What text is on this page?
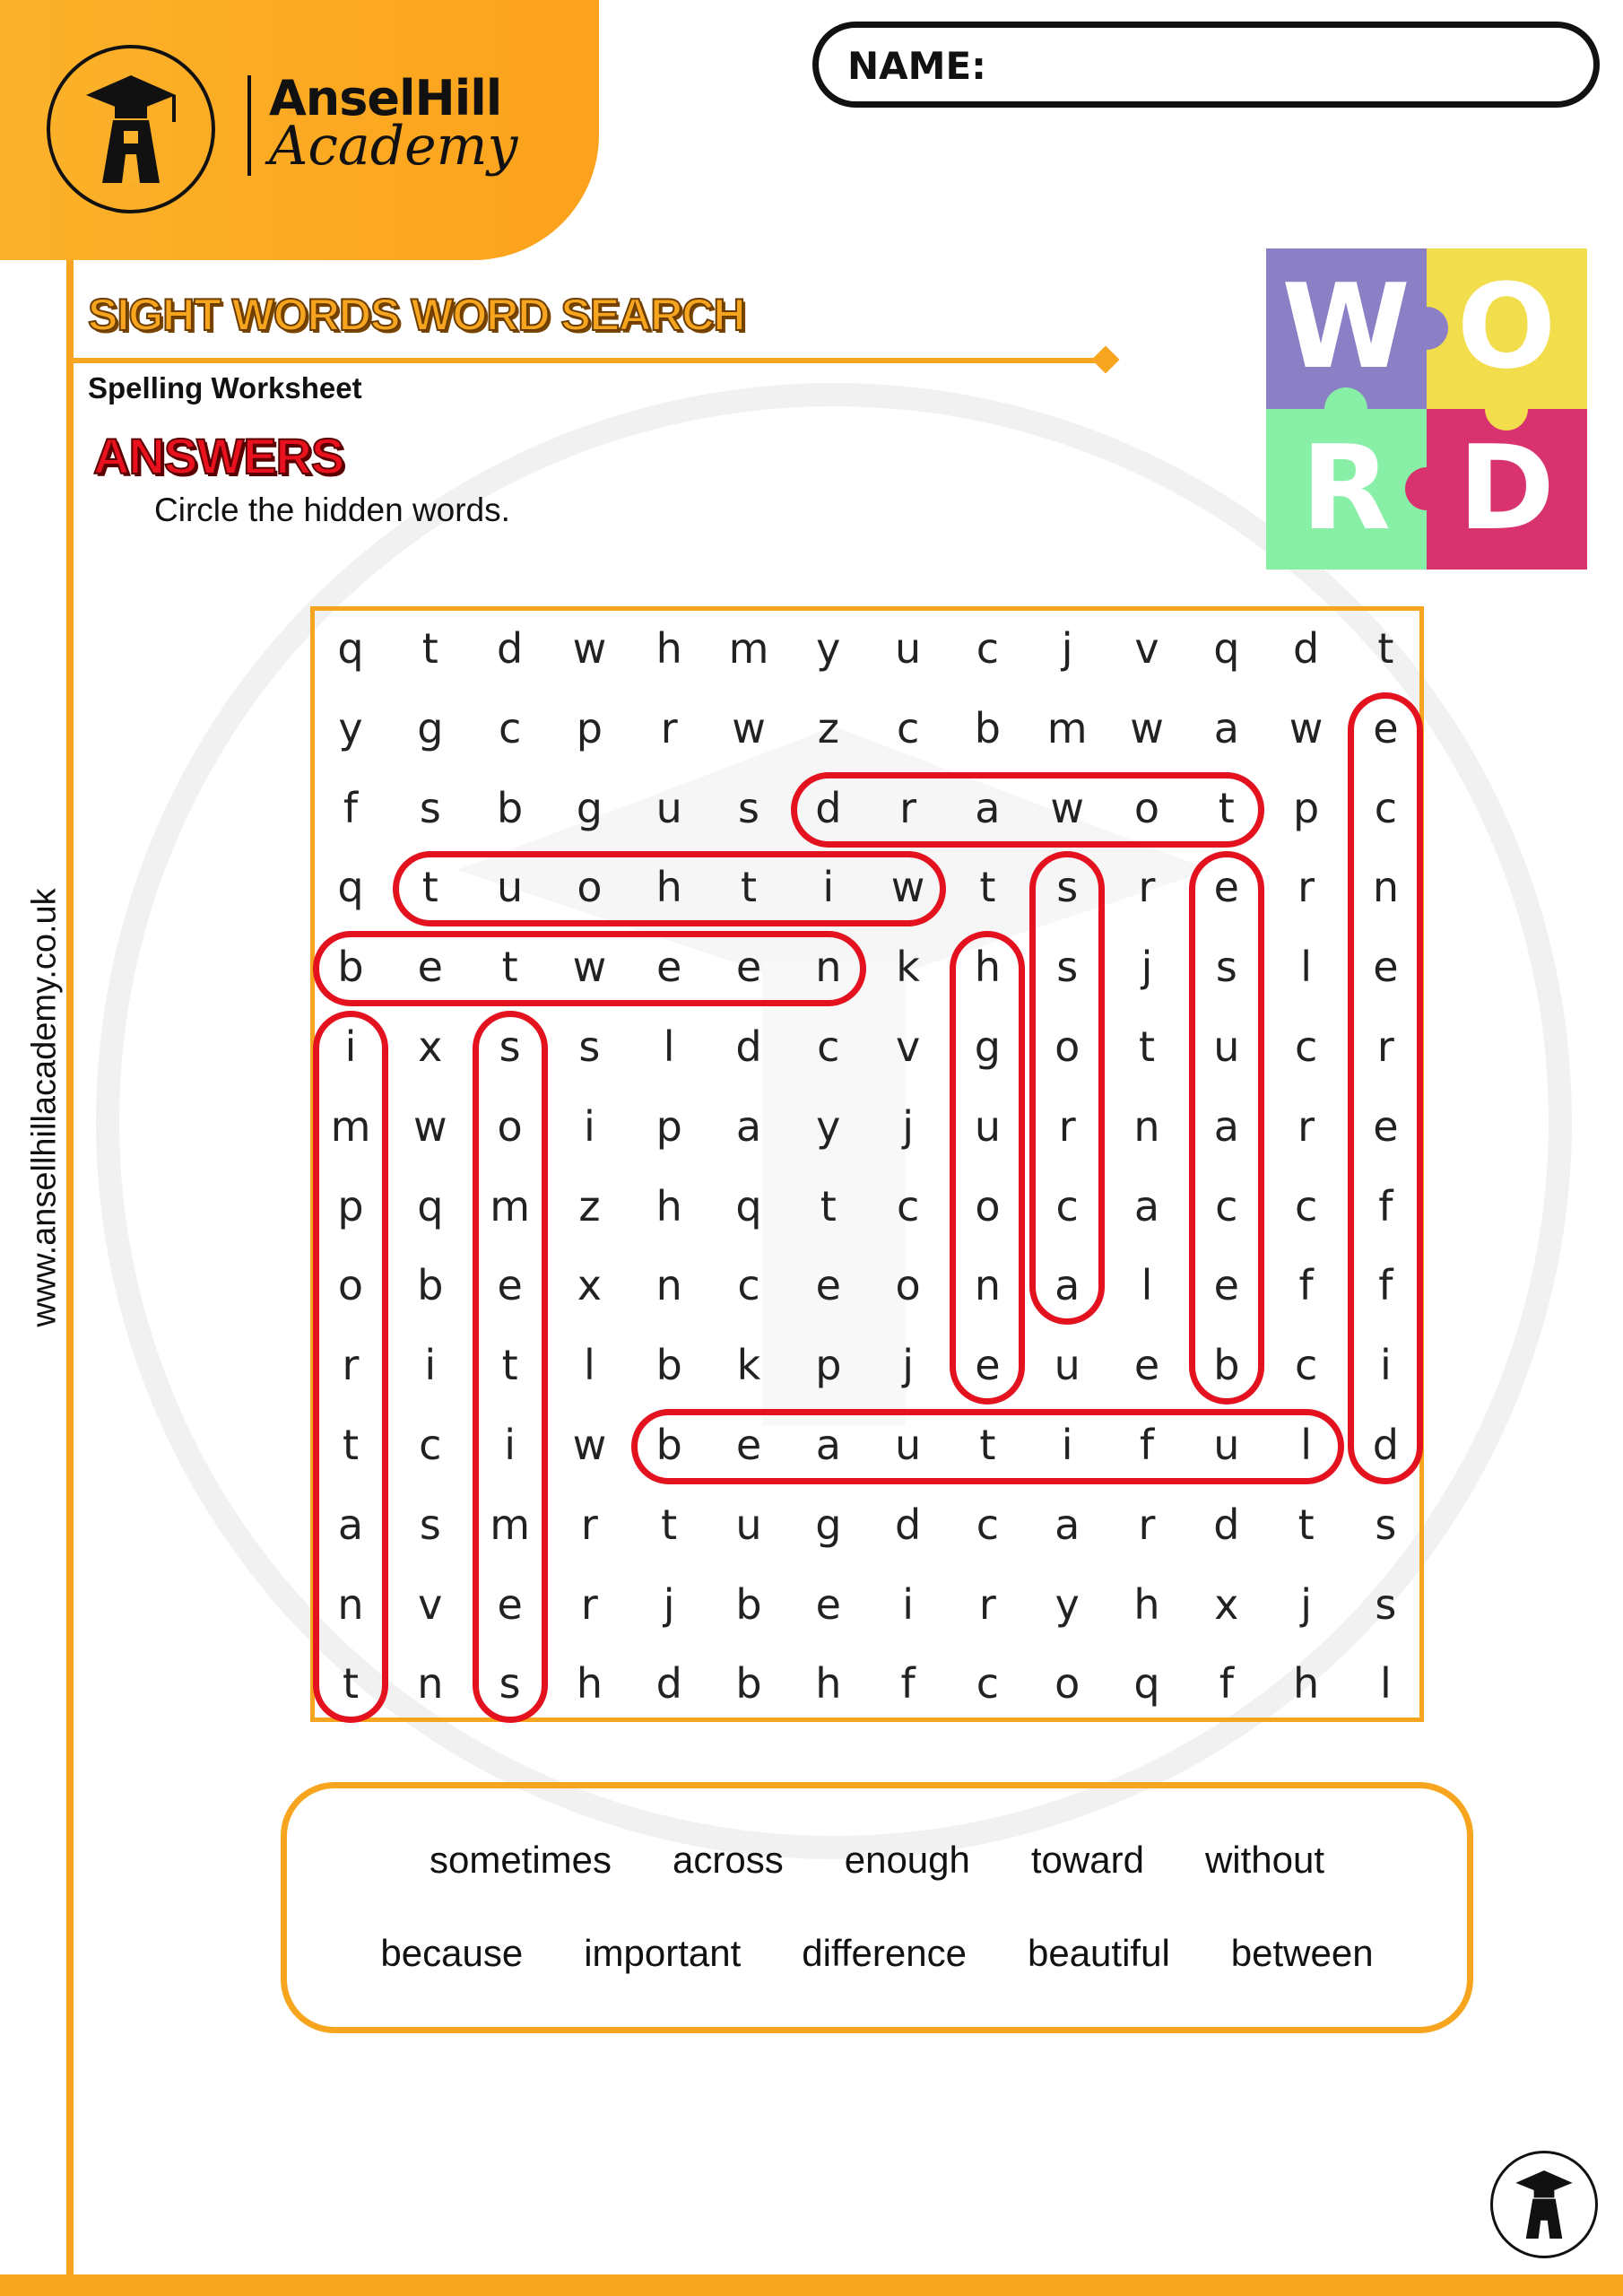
AnselHill
Academy
NAME:
www.ansellhillacademy.co.uk
SIGHT WORDS WORD SEARCH
Spelling Worksheet
ANSWERS
Circle the hidden words.
W O
R D
q	t	d	w	h	m	y	u	c	j	v	q	d	t
y	g	c	p	r	w	z	c	b	m	w	a	w	e
f	s	b	g	u	s	d	r	a	w	o	t	p	c
q	t	u	o	h	t	i	w	t	s	r	e	r	n
b	e	t	w	e	e	n	k	h	s	j	s	l	e
i	x	s	s	l	d	c	v	g	o	t	u	c	r
m	w	o	i	p	a	y	j	u	r	n	a	r	e
p	q	m	z	h	q	t	c	o	c	a	c	c	f
o	b	e	x	n	c	e	o	n	a	l	e	f	f
r	i	t	l	b	k	p	j	e	u	e	b	c	i
t	c	i	w	b	e	a	u	t	i	f	u	l	d
a	s	m	r	t	u	g	d	c	a	r	d	t	s
n	v	e	r	j	b	e	i	r	y	h	x	j	s
t	n	s	h	d	b	h	f	c	o	q	f	h	l
sometimes across enough toward without
because important difference beautiful between
